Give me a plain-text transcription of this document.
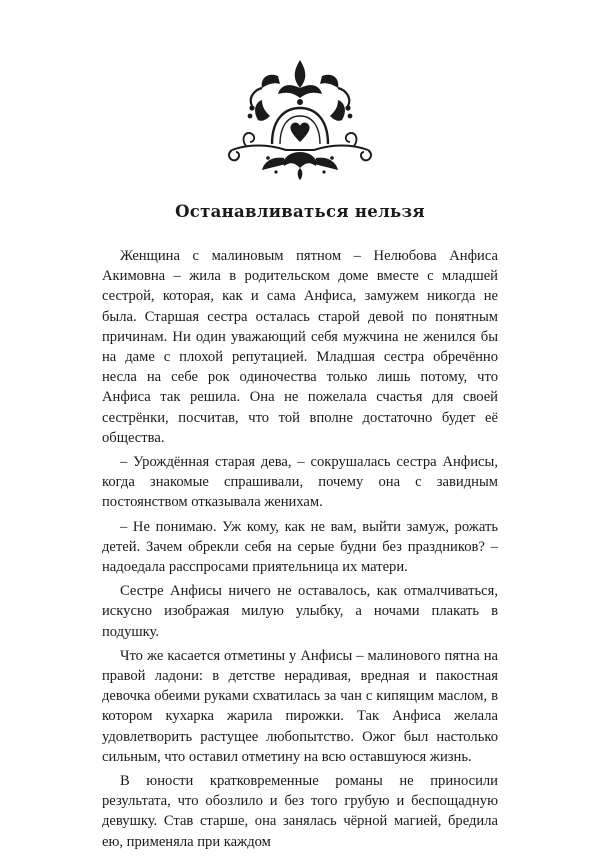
Останавливаться нельзя

Женщина с малиновым пятном – Нелюбова Анфиса Акимовна – жила в родительском доме вместе с младшей сестрой, которая, как и сама Анфиса, замужем никогда не была. Старшая сестра осталась старой девой по понятным причинам. Ни один уважающий себя мужчина не женился бы на даме с плохой репутацией. Младшая сестра обречённо несла на себе рок одиночества только лишь потому, что Анфиса так решила. Она не пожелала счастья для своей сестрёнки, посчитав, что той вполне достаточно будет её общества.

– Урождённая старая дева, – сокрушалась сестра Анфисы, когда знакомые спрашивали, почему она с завидным постоянством отказывала женихам.

– Не понимаю. Уж кому, как не вам, выйти замуж, рожать детей. Зачем обрекли себя на серые будни без праздников? – надоедала расспросами приятельница их матери.

Сестре Анфисы ничего не оставалось, как отмалчиваться, искусно изображая милую улыбку, а ночами плакать в подушку.

Что же касается отметины у Анфисы – малинового пятна на правой ладони: в детстве нерадивая, вредная и пакостная девочка обеими руками схватилась за чан с кипящим маслом, в котором кухарка жарила пирожки. Так Анфиса желала удовлетворить растущее любопытство. Ожог был настолько сильным, что оставил отметину на всю оставшуюся жизнь.

В юности кратковременные романы не приносили результата, что обозлило и без того грубую и беспощадную девушку. Став старше, она занялась чёрной магией, бредила ею, применяла при каждом
